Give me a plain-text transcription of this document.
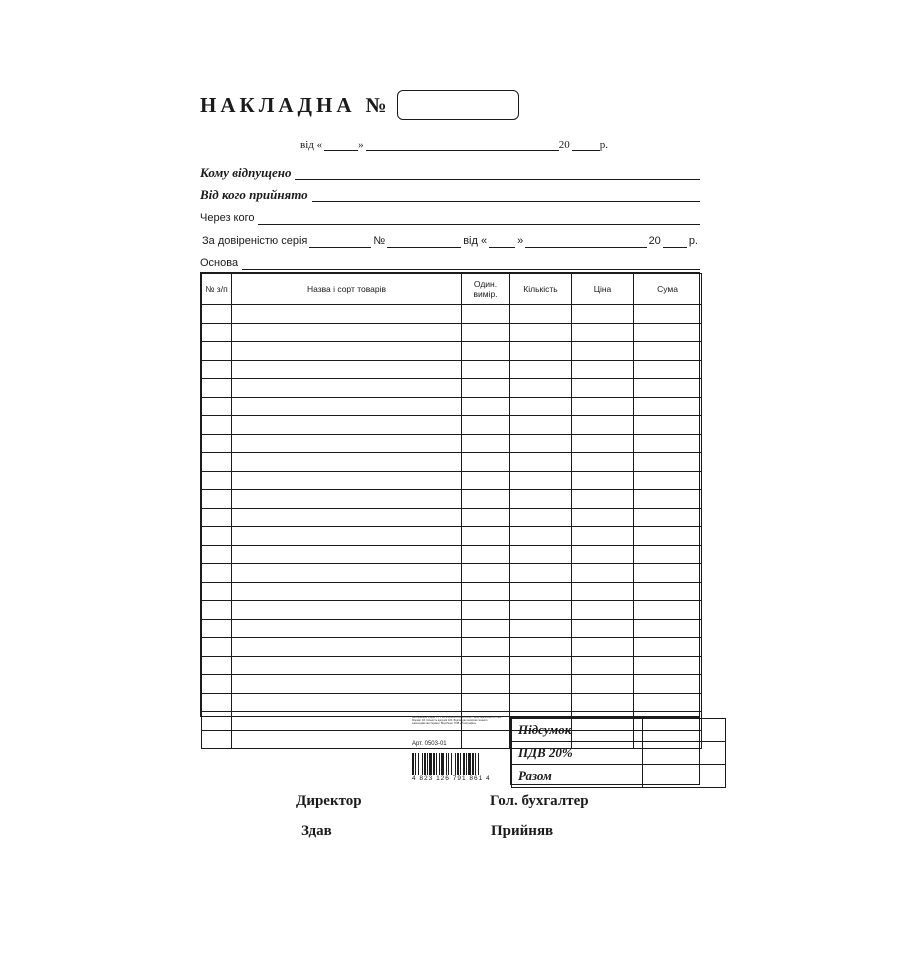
НАКЛАДНА №
від «	»	20	р.
Кому відпущено
Від кого прийнято
Через кого
За довіреністю серія	№	від «	»	20	р.
Основа
№ з/п	Назва і сорт товарів	Один. вимір.	Кількість	Ціна	Сума

Виготовлено згідно ТУ У 22.2-12345678-001:2010. Папір офсетний 60 г/м2. Формат А5. Кількість аркушів 100. Відповідає вимогам чинного законодавства України. Виробник: ТОВ «Поліграфія».
Арт. 0503-01
4 823 126 791 861 4
Підсумок	
ПДВ 20%	
Разом	
Директор	Гол. бухгалтер
Здав	Прийняв
